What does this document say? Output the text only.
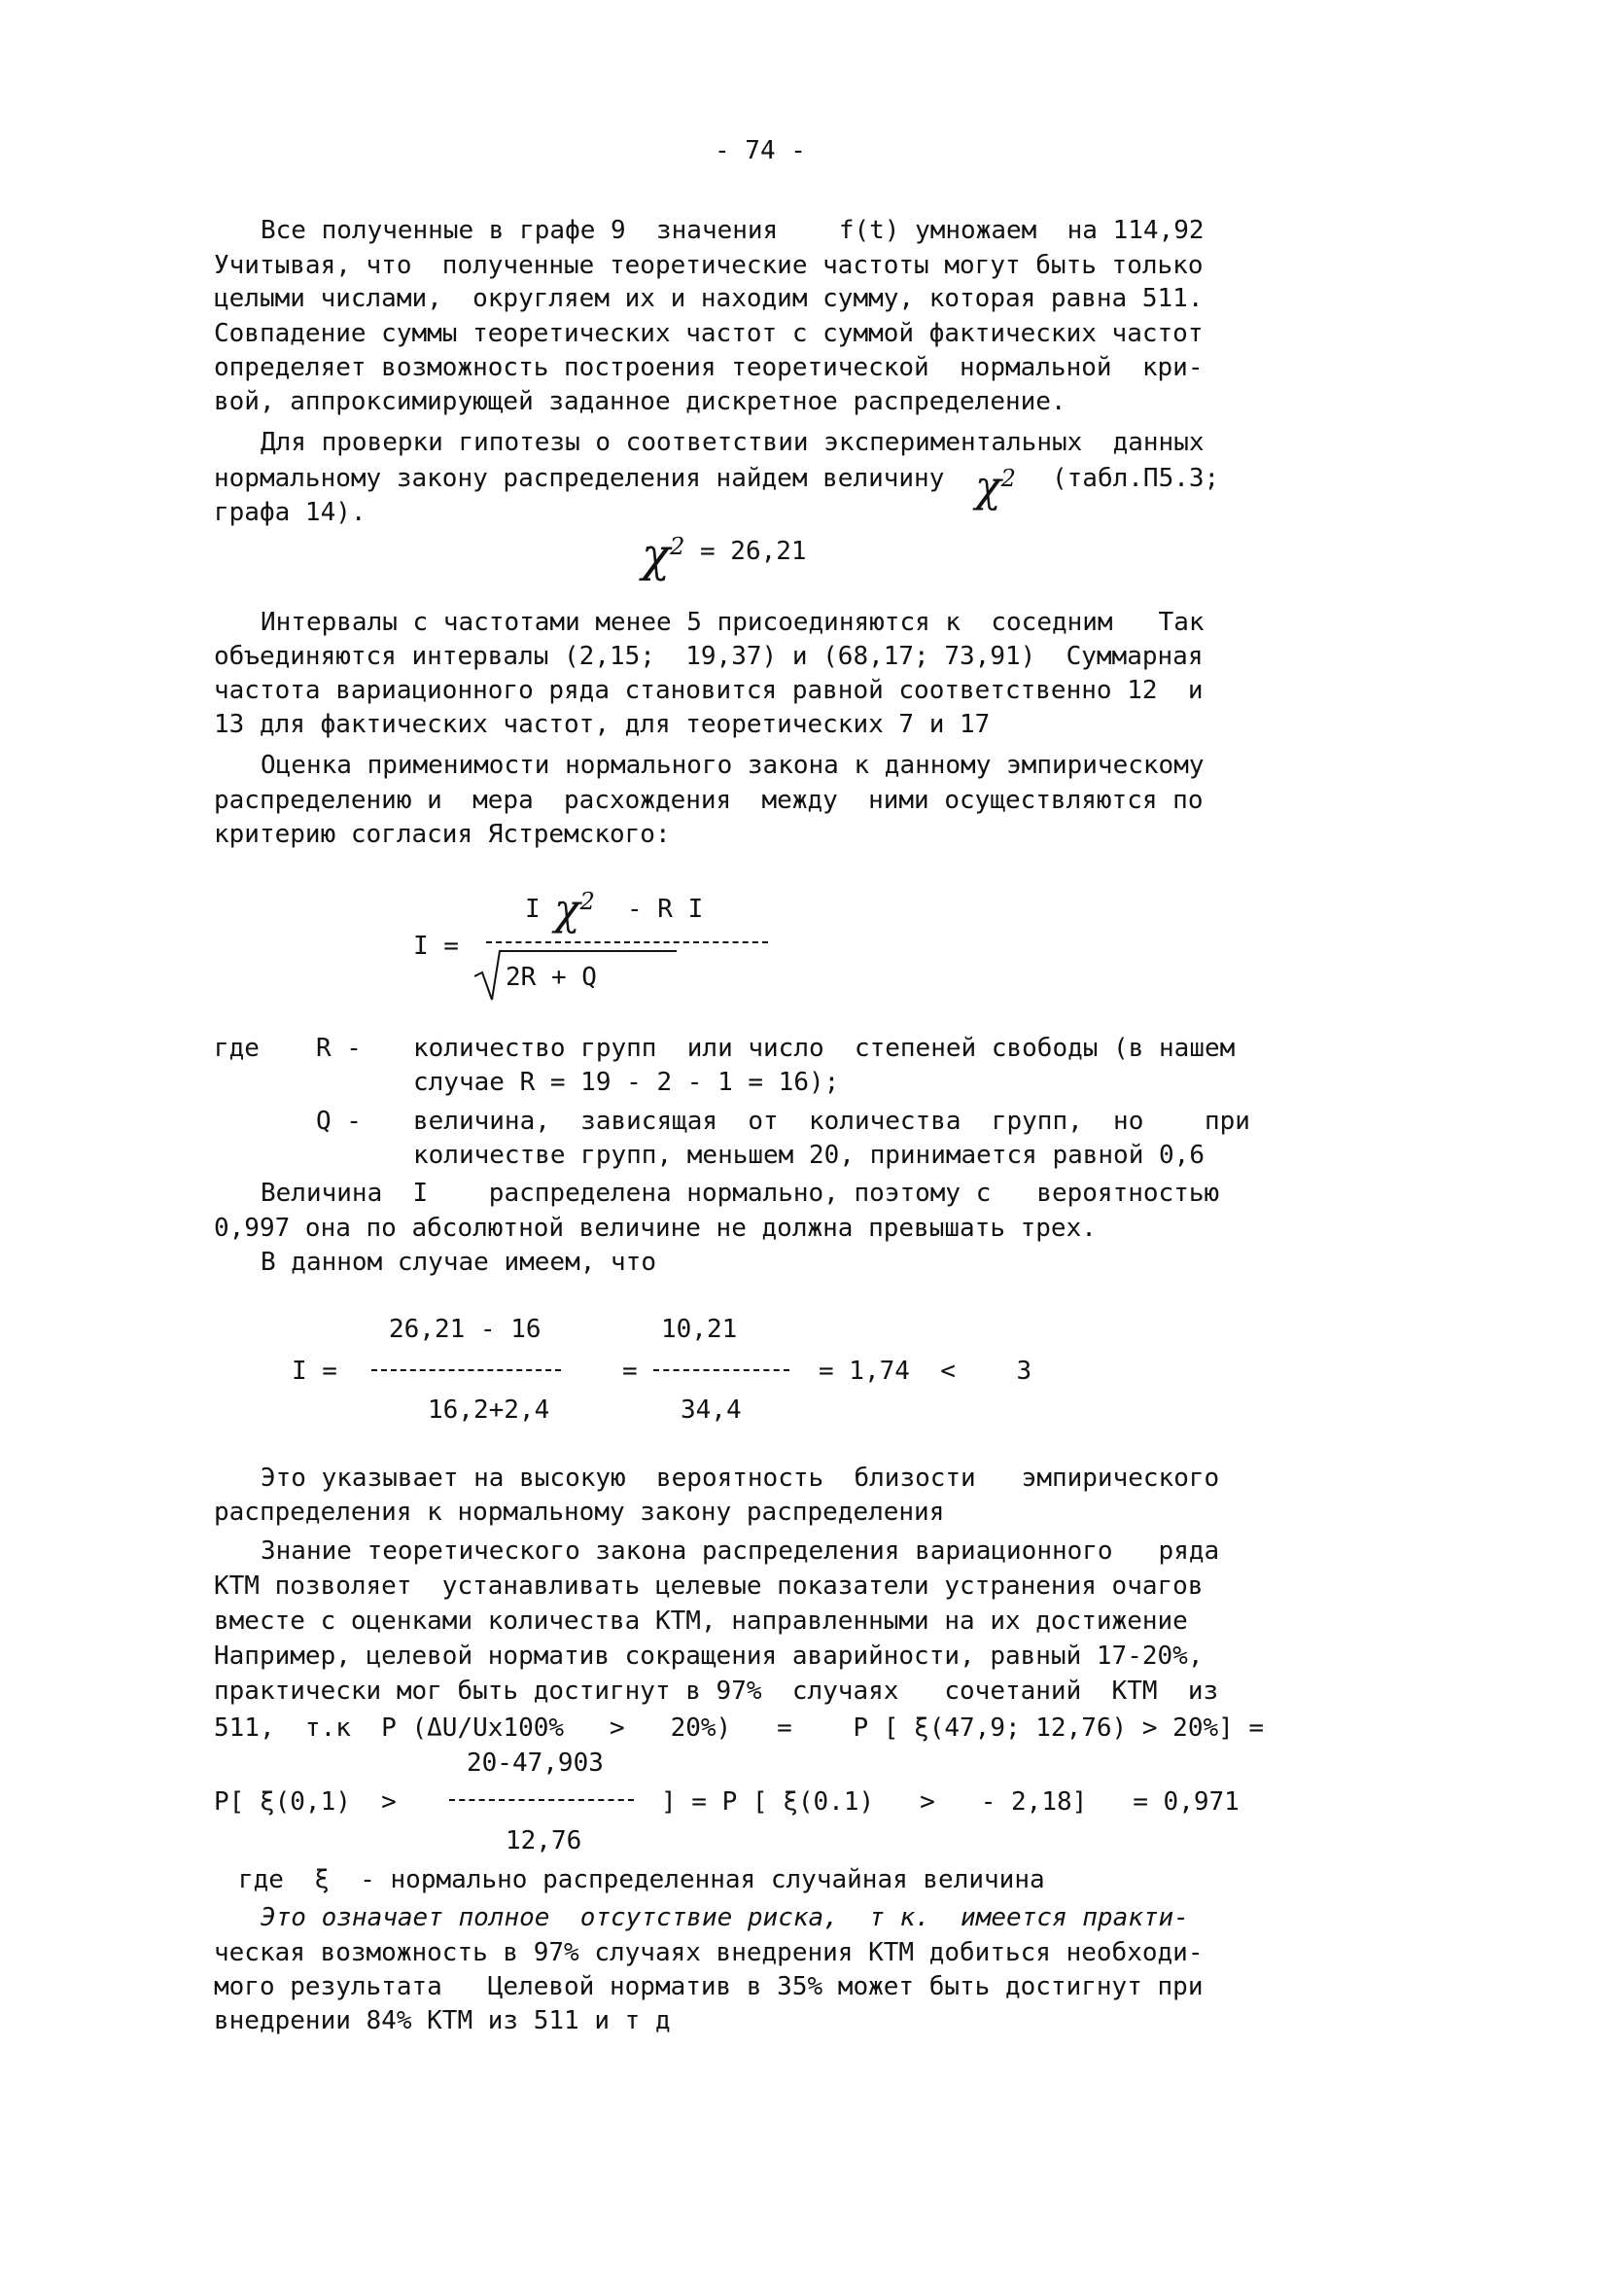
- 74 -
Все полученные в графе 9  значения    f(t) умножаем  на 114,92
Учитывая, что  полученные теоретические частоты могут быть только
целыми числами,  округляем их и находим сумму, которая равна 511.
Совпадение суммы теоретических частот с суммой фактических частот
определяет возможность построения теоретической  нормальной  кри-
вой, аппроксимирующей заданное дискретное распределение.
Для проверки гипотезы о соответствии экспериментальных  данных
нормальному закону распределения найдем величину $\chi^2$ (табл.П5.3;
графа 14).
$\chi^2 = 26,21$
Интервалы с частотами менее 5 присоединяются к  соседним   Так
объединяются интервалы (2,15;  19,37) и (68,17; 73,91)  Суммарная
частота вариационного ряда становится равной соответственно 12  и
13 для фактических частот, для теоретических 7 и 17
Оценка применимости нормального закона к данному эмпирическому
распределению и  мера  расхождения  между  ними осуществляются по
критерию согласия Ястремского:
I =
I $\chi^2$ - R I
2R + Q
где R - количество групп  или число  степеней свободы (в нашем
случае R = 19 - 2 - 1 = 16);
Q - величина,  зависящая  от  количества  групп,  но    при
количестве групп, меньшем 20, принимается равной 0,6
Величина  I    распределена нормально, поэтому с   вероятностью
0,997 она по абсолютной величине не должна превышать трех.
В данном случае имеем, что
26,21 - 16	10,21
I =	=	= 1,74  <    3
16,2+2,4	34,4
Это указывает на высокую  вероятность  близости   эмпирического
распределения к нормальному закону распределения
Знание теоретического закона распределения вариационного   ряда
КТМ позволяет  устанавливать целевые показатели устранения очагов
вместе с оценками количества КТМ, направленными на их достижение
Например, целевой норматив сокращения аварийности, равный 17-20%,
практически мог быть достигнут в 97%  случаях   сочетаний  КТМ  из
511,  т.к  Р (ΔU/Ux100%   >   20%)   =    Р [ ξ(47,9; 12,76) > 20%] =
20-47,903
Р[ ξ(0,1)  >	] = Р [ ξ(0.1)   >   - 2,18]   = 0,971
12,76
где  ξ  - нормально распределенная случайная величина
Это означает полное  отсутствие риска,  т к.  имеется практи-
ческая возможность в 97% случаях внедрения КТМ добиться необходи-
мого результата   Целевой норматив в 35% может быть достигнут при
внедрении 84% КТМ из 511 и т д
